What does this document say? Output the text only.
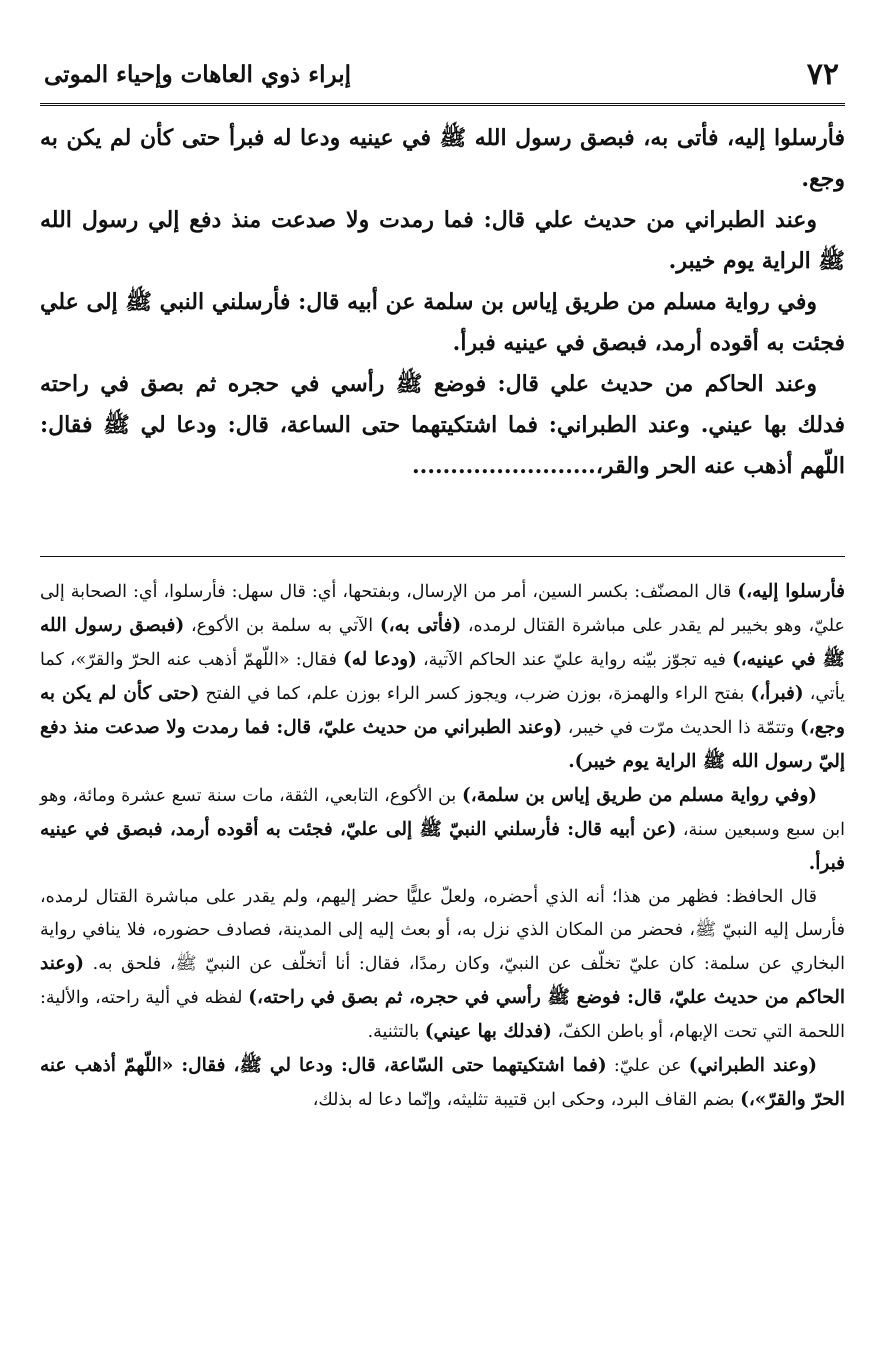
٧٢
إبراء ذوي العاهات وإحياء الموتى

فأرسلوا إليه، فأتى به، فبصق رسول الله ﷺ في عينيه ودعا له فبرأ حتى كأن لم يكن به وجع.

وعند الطبراني من حديث علي قال: فما رمدت ولا صدعت منذ دفع إلي رسول الله ﷺ الراية يوم خيبر.

وفي رواية مسلم من طريق إياس بن سلمة عن أبيه قال: فأرسلني النبي ﷺ إلى علي فجئت به أقوده أرمد، فبصق في عينيه فبرأ.

وعند الحاكم من حديث علي قال: فوضع ﷺ رأسي في حجره ثم بصق في راحته فدلك بها عيني. وعند الطبراني: فما اشتكيتهما حتى الساعة، قال: ودعا لي ﷺ فقال: اللّهم أذهب عنه الحر والقر،........................

فأرسلوا إليه،) قال المصنّف: بكسر السين، أمر من الإرسال، وبفتحها، أي: قال سهل: فأرسلوا، أي: الصحابة إلى عليّ، وهو بخيبر لم يقدر على مباشرة القتال لرمده، (فأتى به،) الآتي به سلمة بن الأكوع، (فبصق رسول الله ﷺ في عينيه،) فيه تجوّز بيّنه رواية عليّ عند الحاكم الآتية، (ودعا له) فقال: «اللّهمّ أذهب عنه الحرّ والقرّ»، كما يأتي، (فبرأ،) بفتح الراء والهمزة، بوزن ضرب، ويجوز كسر الراء بوزن علم، كما في الفتح (حتى كأن لم يكن به وجع،) وتتمّة ذا الحديث مرّت في خيبر، (وعند الطبراني من حديث عليّ، قال: فما رمدت ولا صدعت منذ دفع إليّ رسول الله ﷺ الراية يوم خيبر).

(وفي رواية مسلم من طريق إياس بن سلمة،) بن الأكوع، التابعي، الثقة، مات سنة تسع عشرة ومائة، وهو ابن سبع وسبعين سنة، (عن أبيه قال: فأرسلني النبيّ ﷺ إلى عليّ، فجئت به أقوده أرمد، فبصق في عينيه فبرأ.

قال الحافظ: فظهر من هذا؛ أنه الذي أحضره، ولعلّ عليًّا حضر إليهم، ولم يقدر على مباشرة القتال لرمده، فأرسل إليه النبيّ ﷺ، فحضر من المكان الذي نزل به، أو بعث إليه إلى المدينة، فصادف حضوره، فلا ينافي رواية البخاري عن سلمة: كان عليّ تخلّف عن النبيّ، وكان رمدًا، فقال: أنا أتخلّف عن النبيّ ﷺ، فلحق به. (وعند الحاكم من حديث عليّ، قال: فوضع ﷺ رأسي في حجره، ثم بصق في راحته،) لفظه في ألية راحته، والألية: اللحمة التي تحت الإبهام، أو باطن الكفّ، (فدلك بها عيني) بالتثنية.

(وعند الطبراني) عن عليّ: (فما اشتكيتهما حتى السّاعة، قال: ودعا لي ﷺ، فقال: «اللّهمّ أذهب عنه الحرّ والقرّ»،) بضم القاف البرد، وحكى ابن قتيبة تثليثه، وإنّما دعا له بذلك،
